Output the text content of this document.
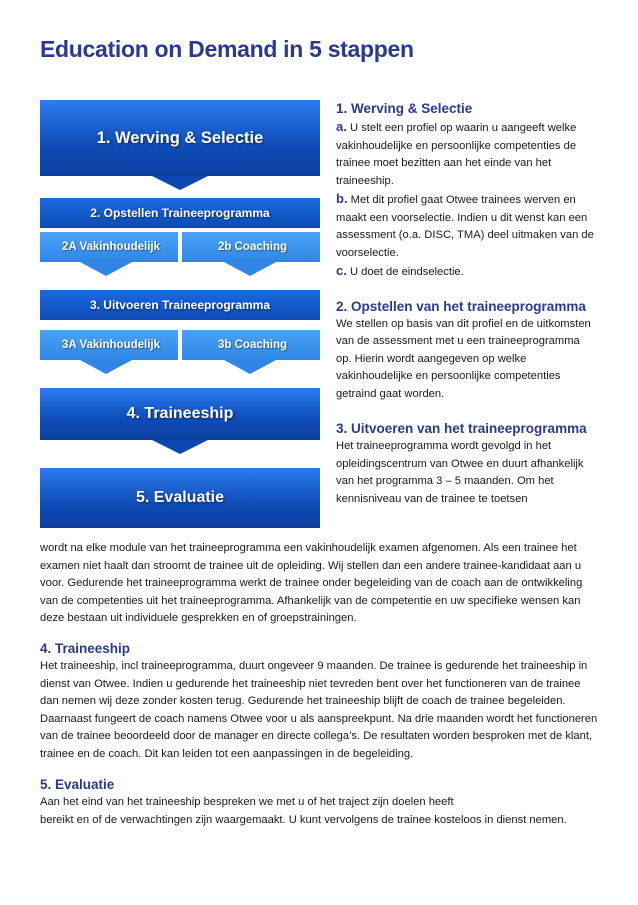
Education on Demand in 5 stappen
1. Werving & Selectie
2. Opstellen Traineeprogramma
2A Vakinhoudelijk	2b Coaching
3. Uitvoeren Traineeprogramma
3A Vakinhoudelijk	3b Coaching
4. Traineeship
5. Evaluatie
1. Werving & Selectie

a. U stelt een profiel op waarin u aangeeft welke vakinhoudelijke en persoonlijke competenties de trainee moet bezitten aan het einde van het traineeship.

b. Met dit profiel gaat Otwee trainees werven en maakt een voorselectie. Indien u dit wenst kan een assessment (o.a. DISC, TMA) deel uitmaken van de voorselectie.

c. U doet de eindselectie.

2. Opstellen van het traineeprogramma

We stellen op basis van dit profiel en de uitkomsten van de assessment met u een traineeprogramma op. Hierin wordt aangegeven op welke vakinhoudelijke en persoonlijke competenties getraind gaat worden.

3. Uitvoeren van het traineeprogramma

Het traineeprogramma wordt gevolgd in het opleidingscentrum van Otwee en duurt afhankelijk van het programma 3 – 5 maanden. Om het kennisniveau van de trainee te toetsen

wordt na elke module van het traineeprogramma een vakinhoudelijk examen afgenomen. Als een trainee het examen niet haalt dan stroomt de trainee uit de opleiding. Wij stellen dan een andere trainee-kandidaat aan u voor. Gedurende het traineeprogramma werkt de trainee onder begeleiding van de coach aan de ontwikkeling van de competenties uit het traineeprogramma. Afhankelijk van de competentie en uw specifieke wensen kan deze bestaan uit individuele gesprekken en of groepstrainingen.
4. Traineeship

Het traineeship, incl traineeprogramma, duurt ongeveer 9 maanden. De trainee is gedurende het traineeship in dienst van Otwee. Indien u gedurende het traineeship niet tevreden bent over het functioneren van de trainee dan nemen wij deze zonder kosten terug. Gedurende het traineeship blijft de coach de trainee begeleiden. Daarnaast fungeert de coach namens Otwee voor u als aanspreekpunt. Na drie maanden wordt het functioneren van de trainee beoordeeld door de manager en directe collega’s. De resultaten worden besproken met de klant, trainee en de coach. Dit kan leiden tot een aanpassingen in de begeleiding.

5. Evaluatie

Aan het eind van het traineeship bespreken we met u of het traject zijn doelen heeft

bereikt en of de verwachtingen zijn waargemaakt. U kunt vervolgens de trainee kosteloos in dienst nemen.
